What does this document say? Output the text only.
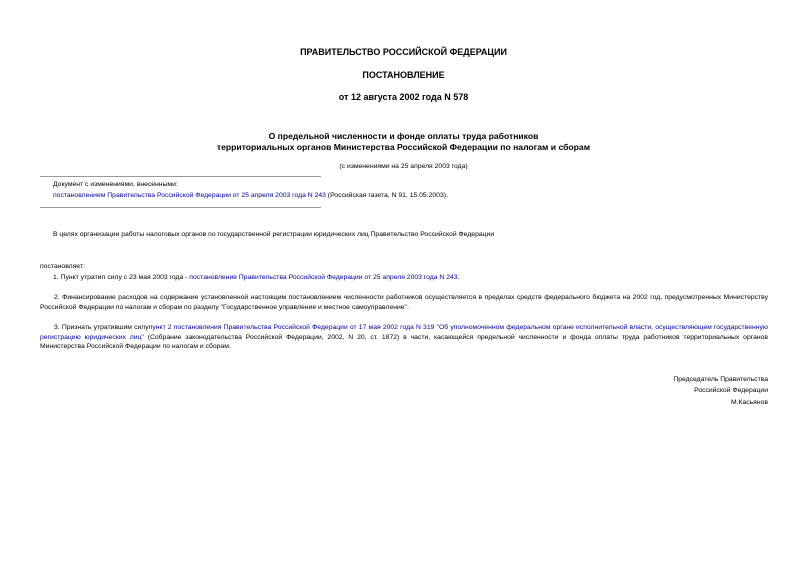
ПРАВИТЕЛЬСТВО РОССИЙСКОЙ ФЕДЕРАЦИИ
ПОСТАНОВЛЕНИЕ
от 12 августа 2002 года N 578
О предельной численности и фонде оплаты труда работников
территориальных органов Министерства Российской Федерации по налогам и сборам
(с изменениями на 25 апреля 2003 года)
Документ с изменениями, внесенными:
постановлением Правительства Российской Федерации от 25 апреля 2003 года N 243 (Российская газета, N 91, 15.05.2003).
В целях организации работы налоговых органов по государственной регистрации юридических лиц Правительство Российской Федерации
постановляет:
1. Пункт утратил силу с 23 мая 2003 года - постановление Правительства Российской Федерации от 25 апреля 2003 года N 243.
2. Финансирование расходов на содержание установленной настоящим постановлением численности работников осуществляется в пределах средств федерального бюджета на 2002 год, предусмотренных Министерству Российской Федерации по налогам и сборам по разделу "Государственное управление и местное самоуправление".
3. Признать утратившим силупункт 2 постановления Правительства Российской Федерации от 17 мая 2002 года N 319 "Об уполномоченном федеральном органе исполнительной власти, осуществляющем государственную регистрацию юридических лиц" (Собрание законодательства Российской Федерации, 2002, N 20, ст. 1872) в части, касающейся предельной численности и фонда оплаты труда работников территориальных органов Министерства Российской Федерации по налогам и сборам.
Председатель Правительства
Российской Федерации
М.Касьянов
